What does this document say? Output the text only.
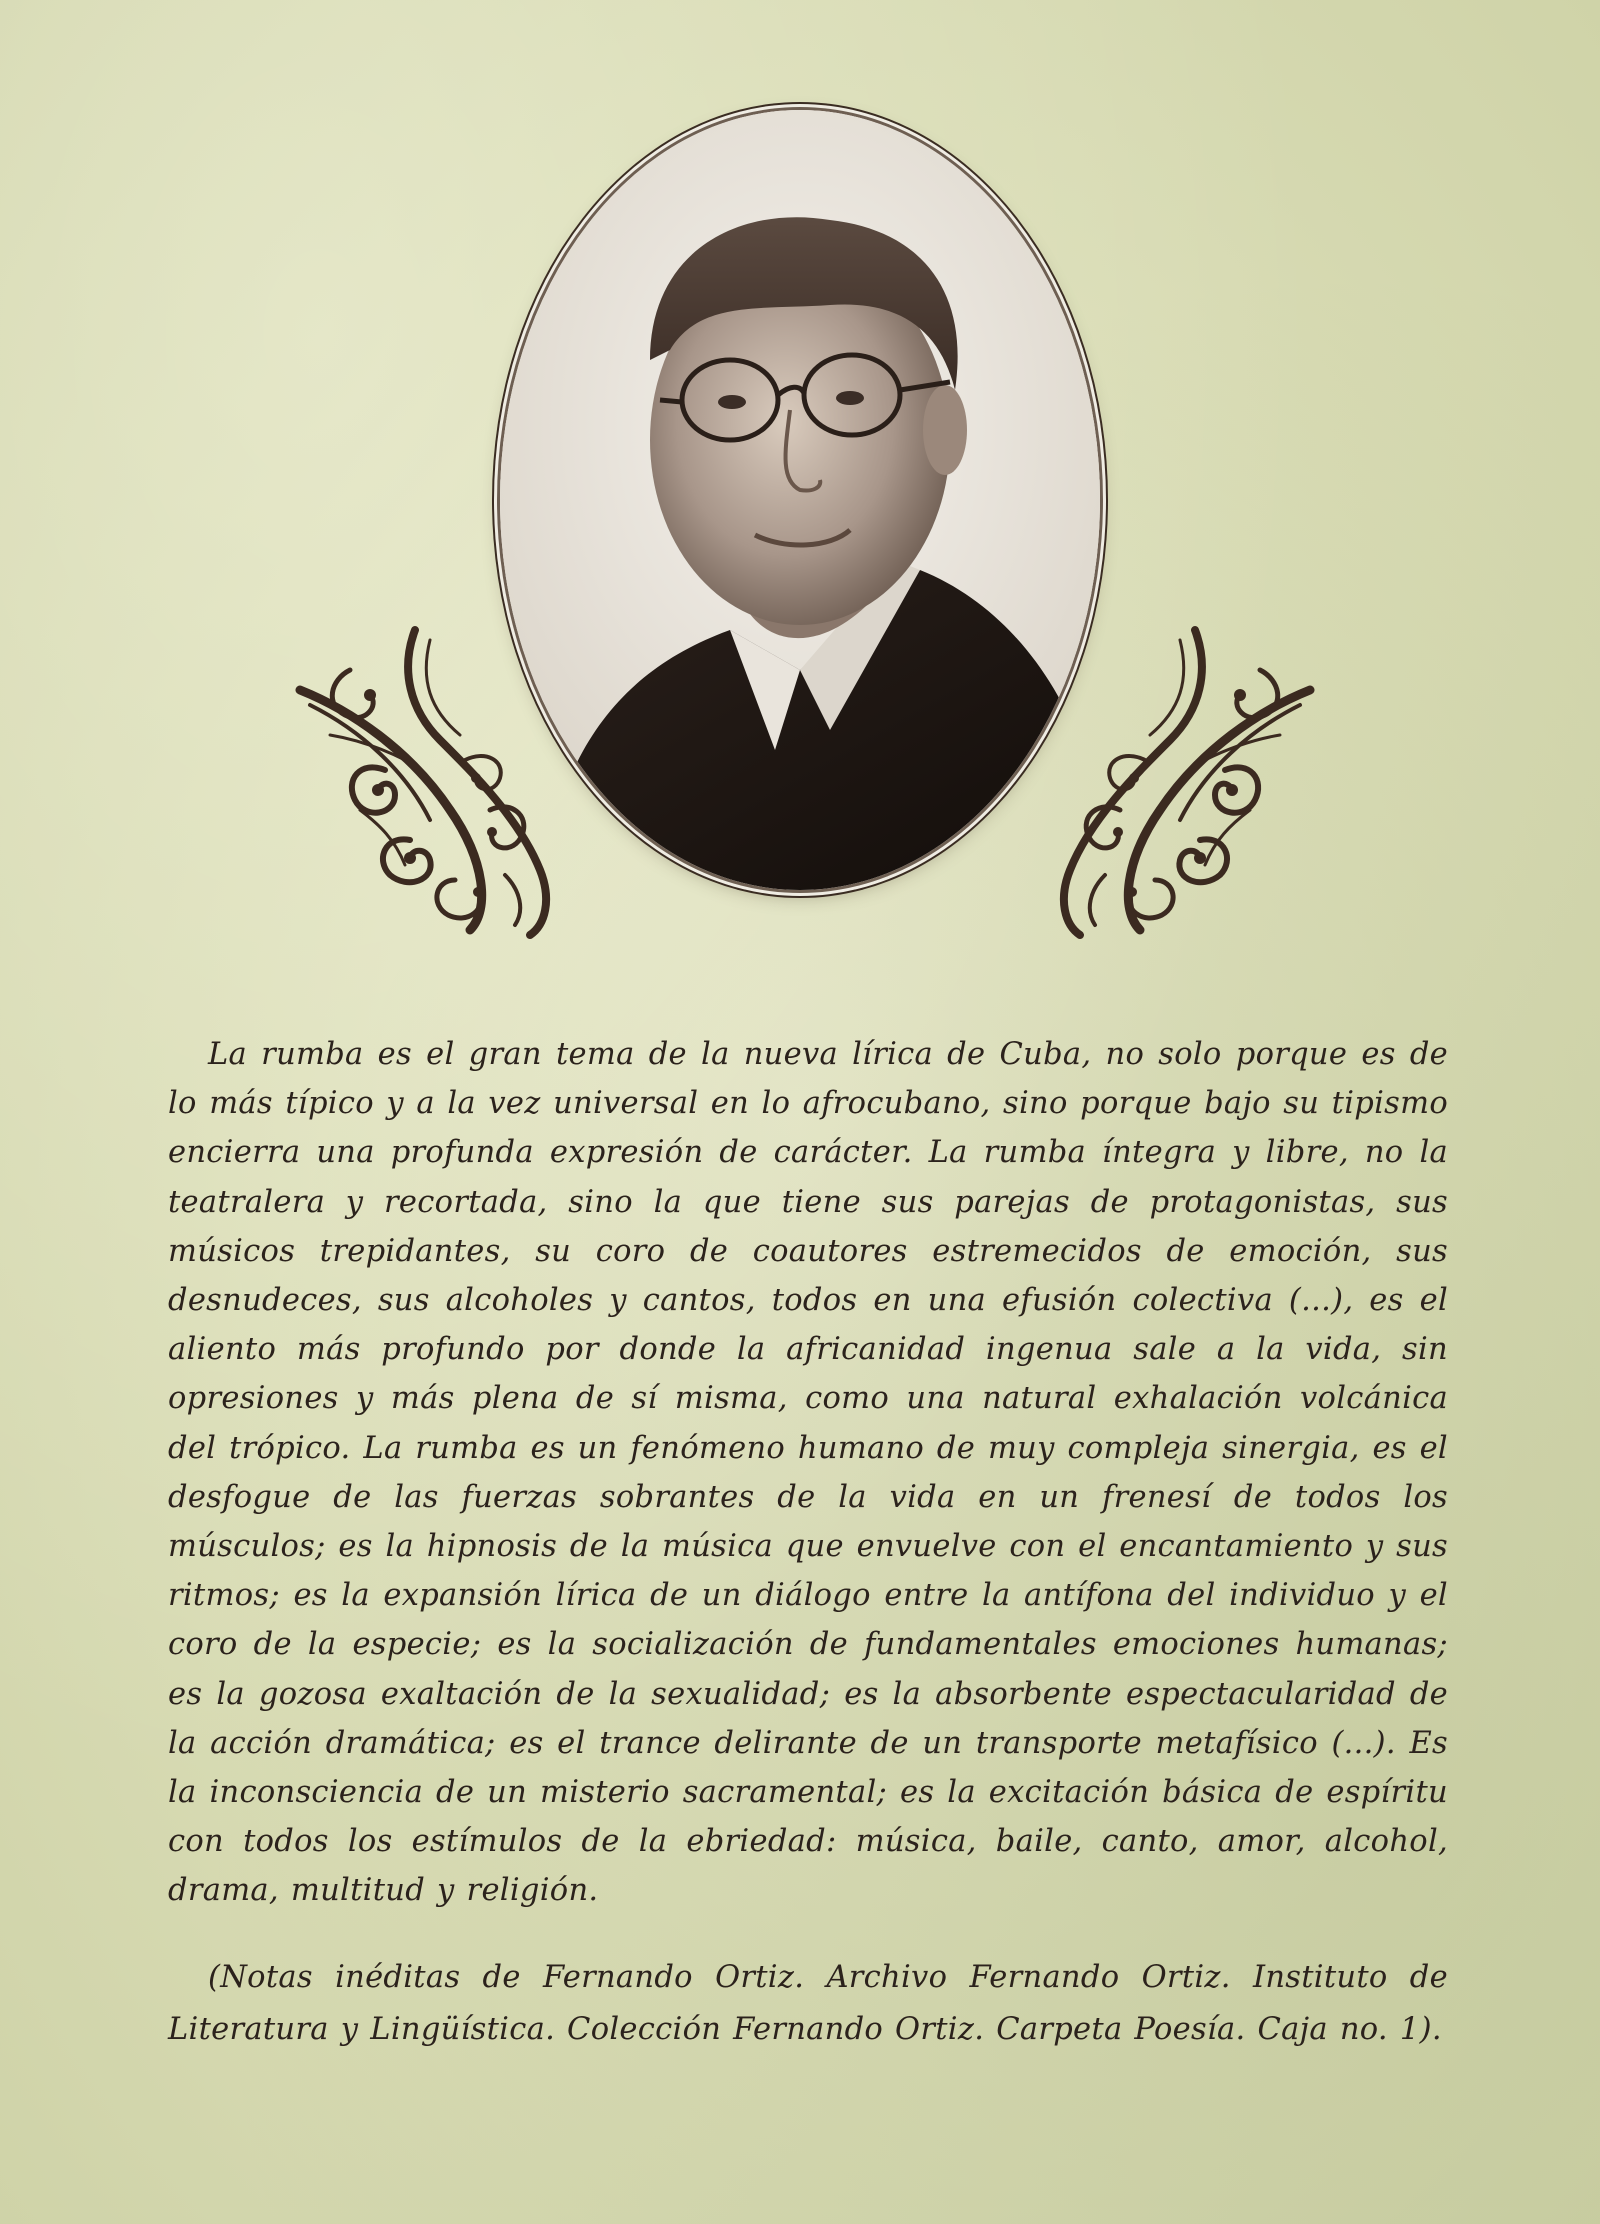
La rumba es el gran tema de la nueva lírica de Cuba, no solo porque es de lo más típico y a la vez universal en lo afrocubano, sino porque bajo su tipismo encierra una profunda expresión de carácter. La rumba íntegra y libre, no la teatralera y recortada, sino la que tiene sus parejas de protagonistas, sus músicos trepidantes, su coro de coautores estremecidos de emoción, sus desnudeces, sus alcoholes y cantos, todos en una efusión colectiva (...), es el aliento más profundo por donde la africanidad ingenua sale a la vida, sin opresiones y más plena de sí misma, como una natural exhalación volcánica del trópico. La rumba es un fenómeno humano de muy compleja sinergia, es el desfogue de las fuerzas sobrantes de la vida en un frenesí de todos los músculos; es la hipnosis de la música que envuelve con el encantamiento y sus ritmos; es la expansión lírica de un diálogo entre la antífona del individuo y el coro de la especie; es la socialización de fundamentales emociones humanas; es la gozosa exaltación de la sexualidad; es la absorbente espectacularidad de la acción dramática; es el trance delirante de un transporte metafísico (...). Es la inconsciencia de un misterio sacramental; es la excitación básica de espíritu con todos los estímulos de la ebriedad: música, baile, canto, amor, alcohol, drama, multitud y religión.

(Notas inéditas de Fernando Ortiz. Archivo Fernando Ortiz. Instituto de Literatura y Lingüística. Colección Fernando Ortiz. Carpeta Poesía. Caja no. 1).
